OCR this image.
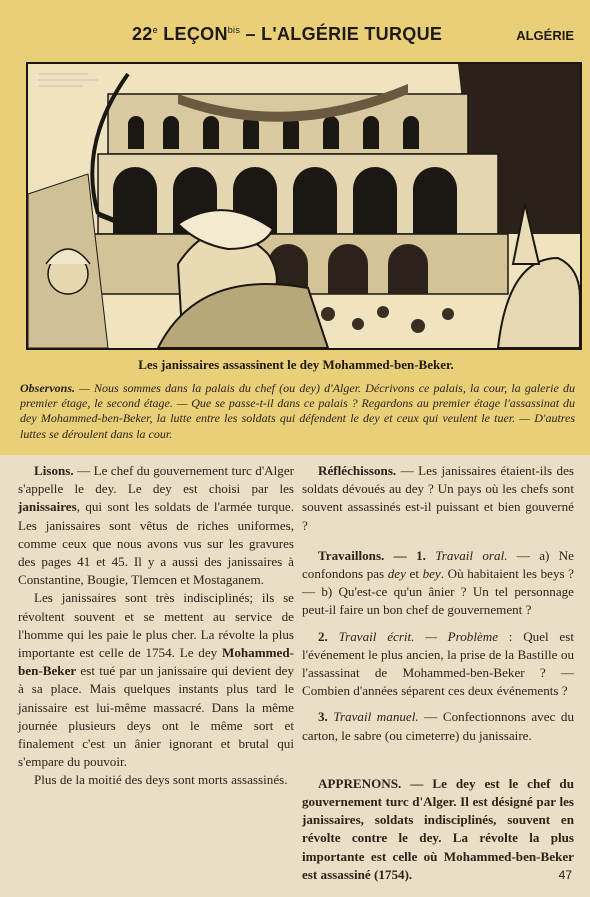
22e $LEÇON^{bis}$ – L'ALGÉRIE TURQUE	ALGÉRIE
Les janissaires assassinent le dey Mohammed-ben-Beker.
Observons. — Nous sommes dans la palais du chef (ou dey) d'Alger. Décrivons ce palais, la cour, la galerie du premier étage, le second étage. — Que se passe-t-il dans ce palais ? Regardons au premier étage l'assassinat du dey Mohammed-ben-Beker, la lutte entre les soldats qui défendent le dey et ceux qui veulent le tuer. — D'autres luttes se déroulent dans la cour.

Lisons. — Le chef du gouvernement turc d'Alger s'appelle le dey. Le dey est choisi par les janissaires, qui sont les soldats de l'armée turque. Les janissaires sont vêtus de riches uniformes, comme ceux que nous avons vus sur les gravures des pages 41 et 45. Il y a aussi des janissaires à Constantine, Bougie, Tlemcen et Mostaganem.

Les janissaires sont très indisciplinés; ils se révoltent souvent et se mettent au service de l'homme qui les paie le plus cher. La révolte la plus importante est celle de 1754. Le dey Mohammed-ben-Beker est tué par un janissaire qui devient dey à sa place. Mais quelques instants plus tard le janissaire est lui-même massacré. Dans la même journée plusieurs deys ont le même sort et finalement c'est un ânier ignorant et brutal qui s'empare du pouvoir.

Plus de la moitié des deys sont morts assassinés.

Réfléchissons. — Les janissaires étaient-ils des soldats dévoués au dey ? Un pays où les chefs sont souvent assassinés est-il puissant et bien gouverné ?

Travaillons. — 1. Travail oral. — a) Ne confondons pas dey et bey. Où habitaient les beys ? — b) Qu'est-ce qu'un ânier ? Un tel personnage peut-il faire un bon chef de gouvernement ?

2. Travail écrit. — Problème : Quel est l'événement le plus ancien, la prise de la Bastille ou l'assassinat de Mohammed-ben-Beker ? — Combien d'années séparent ces deux événements ?

3. Travail manuel. — Confectionnons avec du carton, le sabre (ou cimeterre) du janissaire.

APPRENONS. — Le dey est le chef du gouvernement turc d'Alger. Il est désigné par les janissaires, soldats indisciplinés, souvent en révolte contre le dey. La révolte la plus importante est celle où Mohammed-ben-Beker est assassiné (1754).	47
